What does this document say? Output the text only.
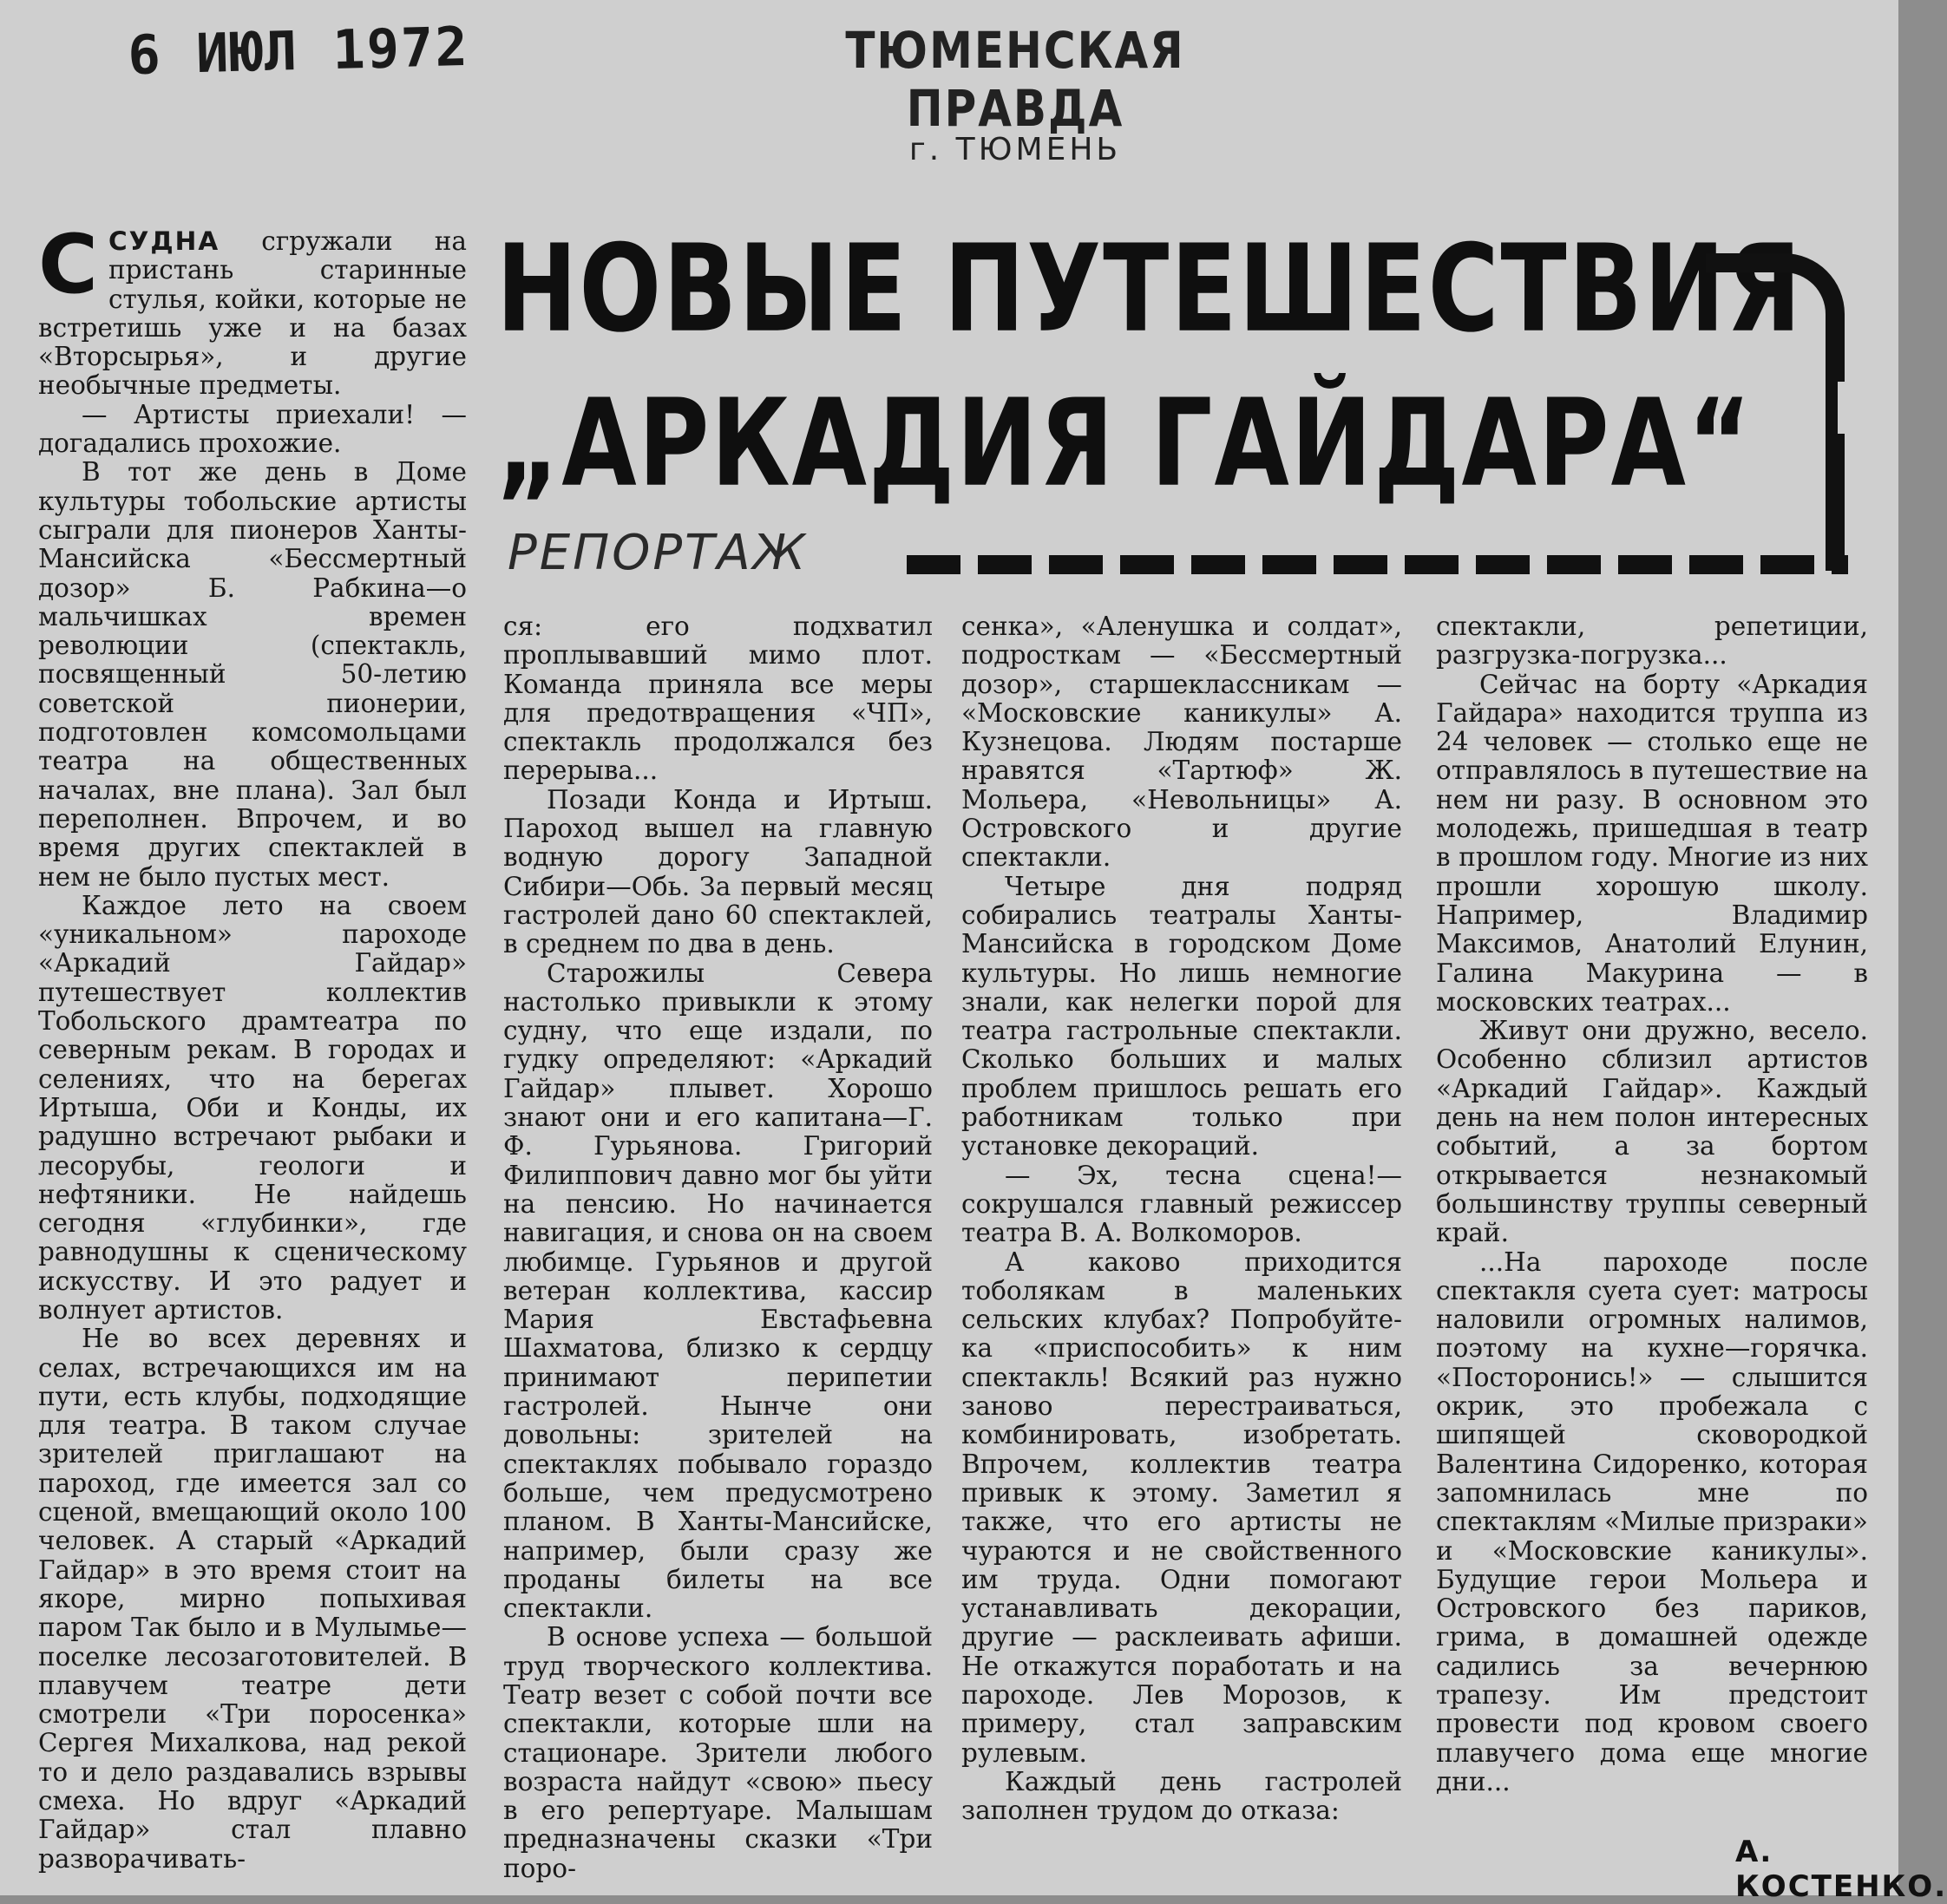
6 ИЮЛ 1972	ТЮМЕНСКАЯ ПРАВДА
г. ТЮМЕНЬ
НОВЫЕ ПУТЕШЕСТВИЯ
„АРКАДИЯ ГАЙДАРА“
РЕПОРТАЖ

С СУДНА сгружали на пристань старинные стулья, койки, которые не встретишь уже и на базах «Вторсырья», и другие необычные предметы.

— Артисты приехали! — догадались прохожие.

В тот же день в Доме культуры тобольские артисты сыграли для пионеров Ханты-Мансийска «Бессмертный дозор» Б. Рабкина—о мальчишках времен революции (спектакль, посвященный 50-летию советской пионерии, подготовлен комсомольцами театра на общественных началах, вне плана). Зал был переполнен. Впрочем, и во время других спектаклей в нем не было пустых мест.

Каждое лето на своем «уникальном» пароходе «Аркадий Гайдар» путешествует коллектив Тобольского драмтеатра по северным рекам. В городах и селениях, что на берегах Иртыша, Оби и Конды, их радушно встречают рыбаки и лесорубы, геологи и нефтяники. Не найдешь сегодня «глубинки», где равнодушны к сценическому искусству. И это радует и волнует артистов.

Не во всех деревнях и селах, встречающихся им на пути, есть клубы, подходящие для театра. В таком случае зрителей приглашают на пароход, где имеется зал со сценой, вмещающий около 100 человек. А старый «Аркадий Гайдар» в это время стоит на якоре, мирно попыхивая паром Так было и в Мулымье—поселке лесозаготовителей. В плавучем театре дети смотрели «Три поросенка» Сергея Михалкова, над рекой то и дело раздавались взрывы смеха. Но вдруг «Аркадий Гайдар» стал плавно разворачивать-

ся: его подхватил проплывавший мимо плот. Команда приняла все меры для предотвращения «ЧП», спектакль продолжался без перерыва...

Позади Конда и Иртыш. Пароход вышел на главную водную дорогу Западной Сибири—Обь. За первый месяц гастролей дано 60 спектаклей, в среднем по два в день.

Старожилы Севера настолько привыкли к этому судну, что еще издали, по гудку определяют: «Аркадий Гайдар» плывет. Хорошо знают они и его капитана—Г. Ф. Гурьянова. Григорий Филиппович давно мог бы уйти на пенсию. Но начинается навигация, и снова он на своем любимце. Гурьянов и другой ветеран коллектива, кассир Мария Евстафьевна Шахматова, близко к сердцу принимают перипетии гастролей. Нынче они довольны: зрителей на спектаклях побывало гораздо больше, чем предусмотрено планом. В Ханты-Мансийске, например, были сразу же проданы билеты на все спектакли.

В основе успеха — большой труд творческого коллектива. Театр везет с собой почти все спектакли, которые шли на стационаре. Зрители любого возраста найдут «свою» пьесу в его репертуаре. Малышам предназначены сказки «Три поро-

сенка», «Аленушка и солдат», подросткам — «Бессмертный дозор», старшеклассникам — «Московские каникулы» А. Кузнецова. Людям постарше нравятся «Тартюф» Ж. Мольера, «Невольницы» А. Островского и другие спектакли.

Четыре дня подряд собирались театралы Ханты-Мансийска в городском Доме культуры. Но лишь немногие знали, как нелегки порой для театра гастрольные спектакли. Сколько больших и малых проблем пришлось решать его работникам только при установке декораций.

— Эх, тесна сцена!—сокрушался главный режиссер театра В. А. Волкоморов.

А каково приходится тоболякам в маленьких сельских клубах? Попробуйте-ка «приспособить» к ним спектакль! Всякий раз нужно заново перестраиваться, комбинировать, изобретать. Впрочем, коллектив театра привык к этому. Заметил я также, что его артисты не чураются и не свойственного им труда. Одни помогают устанавливать декорации, другие — расклеивать афиши. Не откажутся поработать и на пароходе. Лев Морозов, к примеру, стал заправским рулевым.

Каждый день гастролей заполнен трудом до отказа:

спектакли, репетиции, разгрузка-погрузка...

Сейчас на борту «Аркадия Гайдара» находится труппа из 24 человек — столько еще не отправлялось в путешествие на нем ни разу. В основном это молодежь, пришедшая в театр в прошлом году. Многие из них прошли хорошую школу. Например, Владимир Максимов, Анатолий Елунин, Галина Макурина — в московских театрах...

Живут они дружно, весело. Особенно сблизил артистов «Аркадий Гайдар». Каждый день на нем полон интересных событий, а за бортом открывается незнакомый большинству труппы северный край.

...На пароходе после спектакля суета сует: матросы наловили огромных налимов, поэтому на кухне—горячка. «Посторонись!» — слышится окрик, это пробежала с шипящей сковородкой Валентина Сидоренко, которая запомнилась мне по спектаклям «Милые призраки» и «Московские каникулы». Будущие герои Мольера и Островского без париков, грима, в домашней одежде садились за вечернюю трапезу. Им предстоит провести под кровом своего плавучего дома еще многие дни...

А. КОСТЕНКО.
